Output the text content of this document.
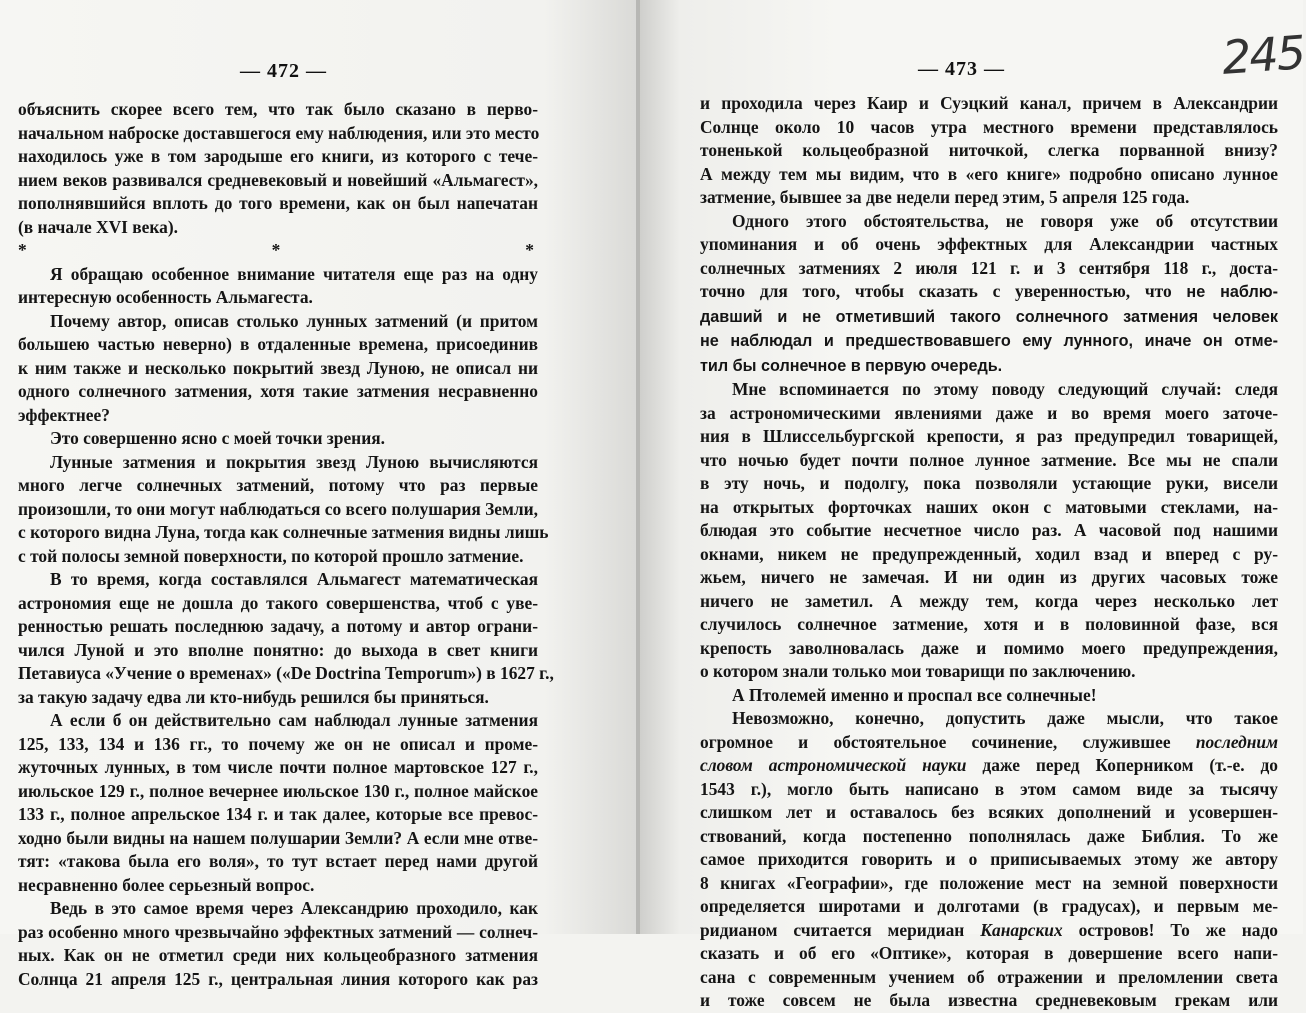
— 472 —
объяснить скорее всего тем, что так было сказано в перво-
начальном наброске доставшегося ему наблюдения, или это место
находилось уже в том зародыше его книги, из которого с тече-
нием веков развивался средневековый и новейший «Альмагест»,
пополнявшийся вплоть до того времени, как он был напечатан
(в начале XVI века).
* * *
Я обращаю особенное внимание читателя еще раз на одну
интересную особенность Альмагеста.
Почему автор, описав столько лунных затмений (и притом
большею частью неверно) в отдаленные времена, присоединив
к ним также и несколько покрытий звезд Луною, не описал ни
одного солнечного затмения, хотя такие затмения несравненно
эффектнее?
Это совершенно ясно с моей точки зрения.
Лунные затмения и покрытия звезд Луною вычисляются
много легче солнечных затмений, потому что раз первые
произошли, то они могут наблюдаться со всего полушария Земли,
с которого видна Луна, тогда как солнечные затмения видны лишь
с той полосы земной поверхности, по которой прошло затмение.
В то время, когда составлялся Альмагест математическая
астрономия еще не дошла до такого совершенства, чтоб с уве-
ренностью решать последнюю задачу, а потому и автор ограни-
чился Луной и это вполне понятно: до выхода в свет книги
Петавиуса «Учение о временах» («De Doctrina Temporum») в 1627 г.,
за такую задачу едва ли кто-нибудь решился бы приняться.
А если б он действительно сам наблюдал лунные затмения
125, 133, 134 и 136 гг., то почему же он не описал и проме-
жуточных лунных, в том числе почти полное мартовское 127 г.,
июльское 129 г., полное вечернее июльское 130 г., полное майское
133 г., полное апрельское 134 г. и так далее, которые все превос-
ходно были видны на нашем полушарии Земли? А если мне отве-
тят: «такова была его воля», то тут встает перед нами другой
несравненно более серьезный вопрос.
Ведь в это самое время через Александрию проходило, как
раз особенно много чрезвычайно эффектных затмений — солнеч-
ных. Как он не отметил среди них кольцеобразного затмения
Солнца 21 апреля 125 г., центральная линия которого как раз
— 473 —
и проходила через Каир и Суэцкий канал, причем в Александрии
Солнце около 10 часов утра местного времени представлялось
тоненькой кольцеобразной ниточкой, слегка порванной внизу?
А между тем мы видим, что в «его книге» подробно описано лунное
затмение, бывшее за две недели перед этим, 5 апреля 125 года.
Одного этого обстоятельства, не говоря уже об отсутствии
упоминания и об очень эффектных для Александрии частных
солнечных затмениях 2 июля 121 г. и 3 сентября 118 г., доста-
точно для того, чтобы сказать с уверенностью, что не наблю-
давший и не отметивший такого солнечного затмения человек
не наблюдал и предшествовавшего ему лунного, иначе он отме-
тил бы солнечное в первую очередь.
Мне вспоминается по этому поводу следующий случай: следя
за астрономическими явлениями даже и во время моего заточе-
ния в Шлиссельбургской крепости, я раз предупредил товарищей,
что ночью будет почти полное лунное затмение. Все мы не спали
в эту ночь, и подолгу, пока позволяли устающие руки, висели
на открытых форточках наших окон с матовыми стеклами, на-
блюдая это событие несчетное число раз. А часовой под нашими
окнами, никем не предупрежденный, ходил взад и вперед с ру-
жьем, ничего не замечая. И ни один из других часовых тоже
ничего не заметил. А между тем, когда через несколько лет
случилось солнечное затмение, хотя и в половинной фазе, вся
крепость заволновалась даже и помимо моего предупреждения,
о котором знали только мои товарищи по заключению.
А Птолемей именно и проспал все солнечные!
Невозможно, конечно, допустить даже мысли, что такое
огромное и обстоятельное сочинение, служившее последним
словом астрономической науки даже перед Коперником (т.-е. до
1543 г.), могло быть написано в этом самом виде за тысячу
слишком лет и оставалось без всяких дополнений и усовершен-
ствований, когда постепенно пополнялась даже Библия. То же
самое приходится говорить и о приписываемых этому же автору
8 книгах «Географии», где положение мест на земной поверхности
определяется широтами и долготами (в градусах), и первым ме-
ридианом считается меридиан Канарских островов! То же надо
сказать и об его «Оптике», которая в довершение всего напи-
сана с современным учением об отражении и преломлении света
и тоже совсем не была известна средневековым грекам или
245
